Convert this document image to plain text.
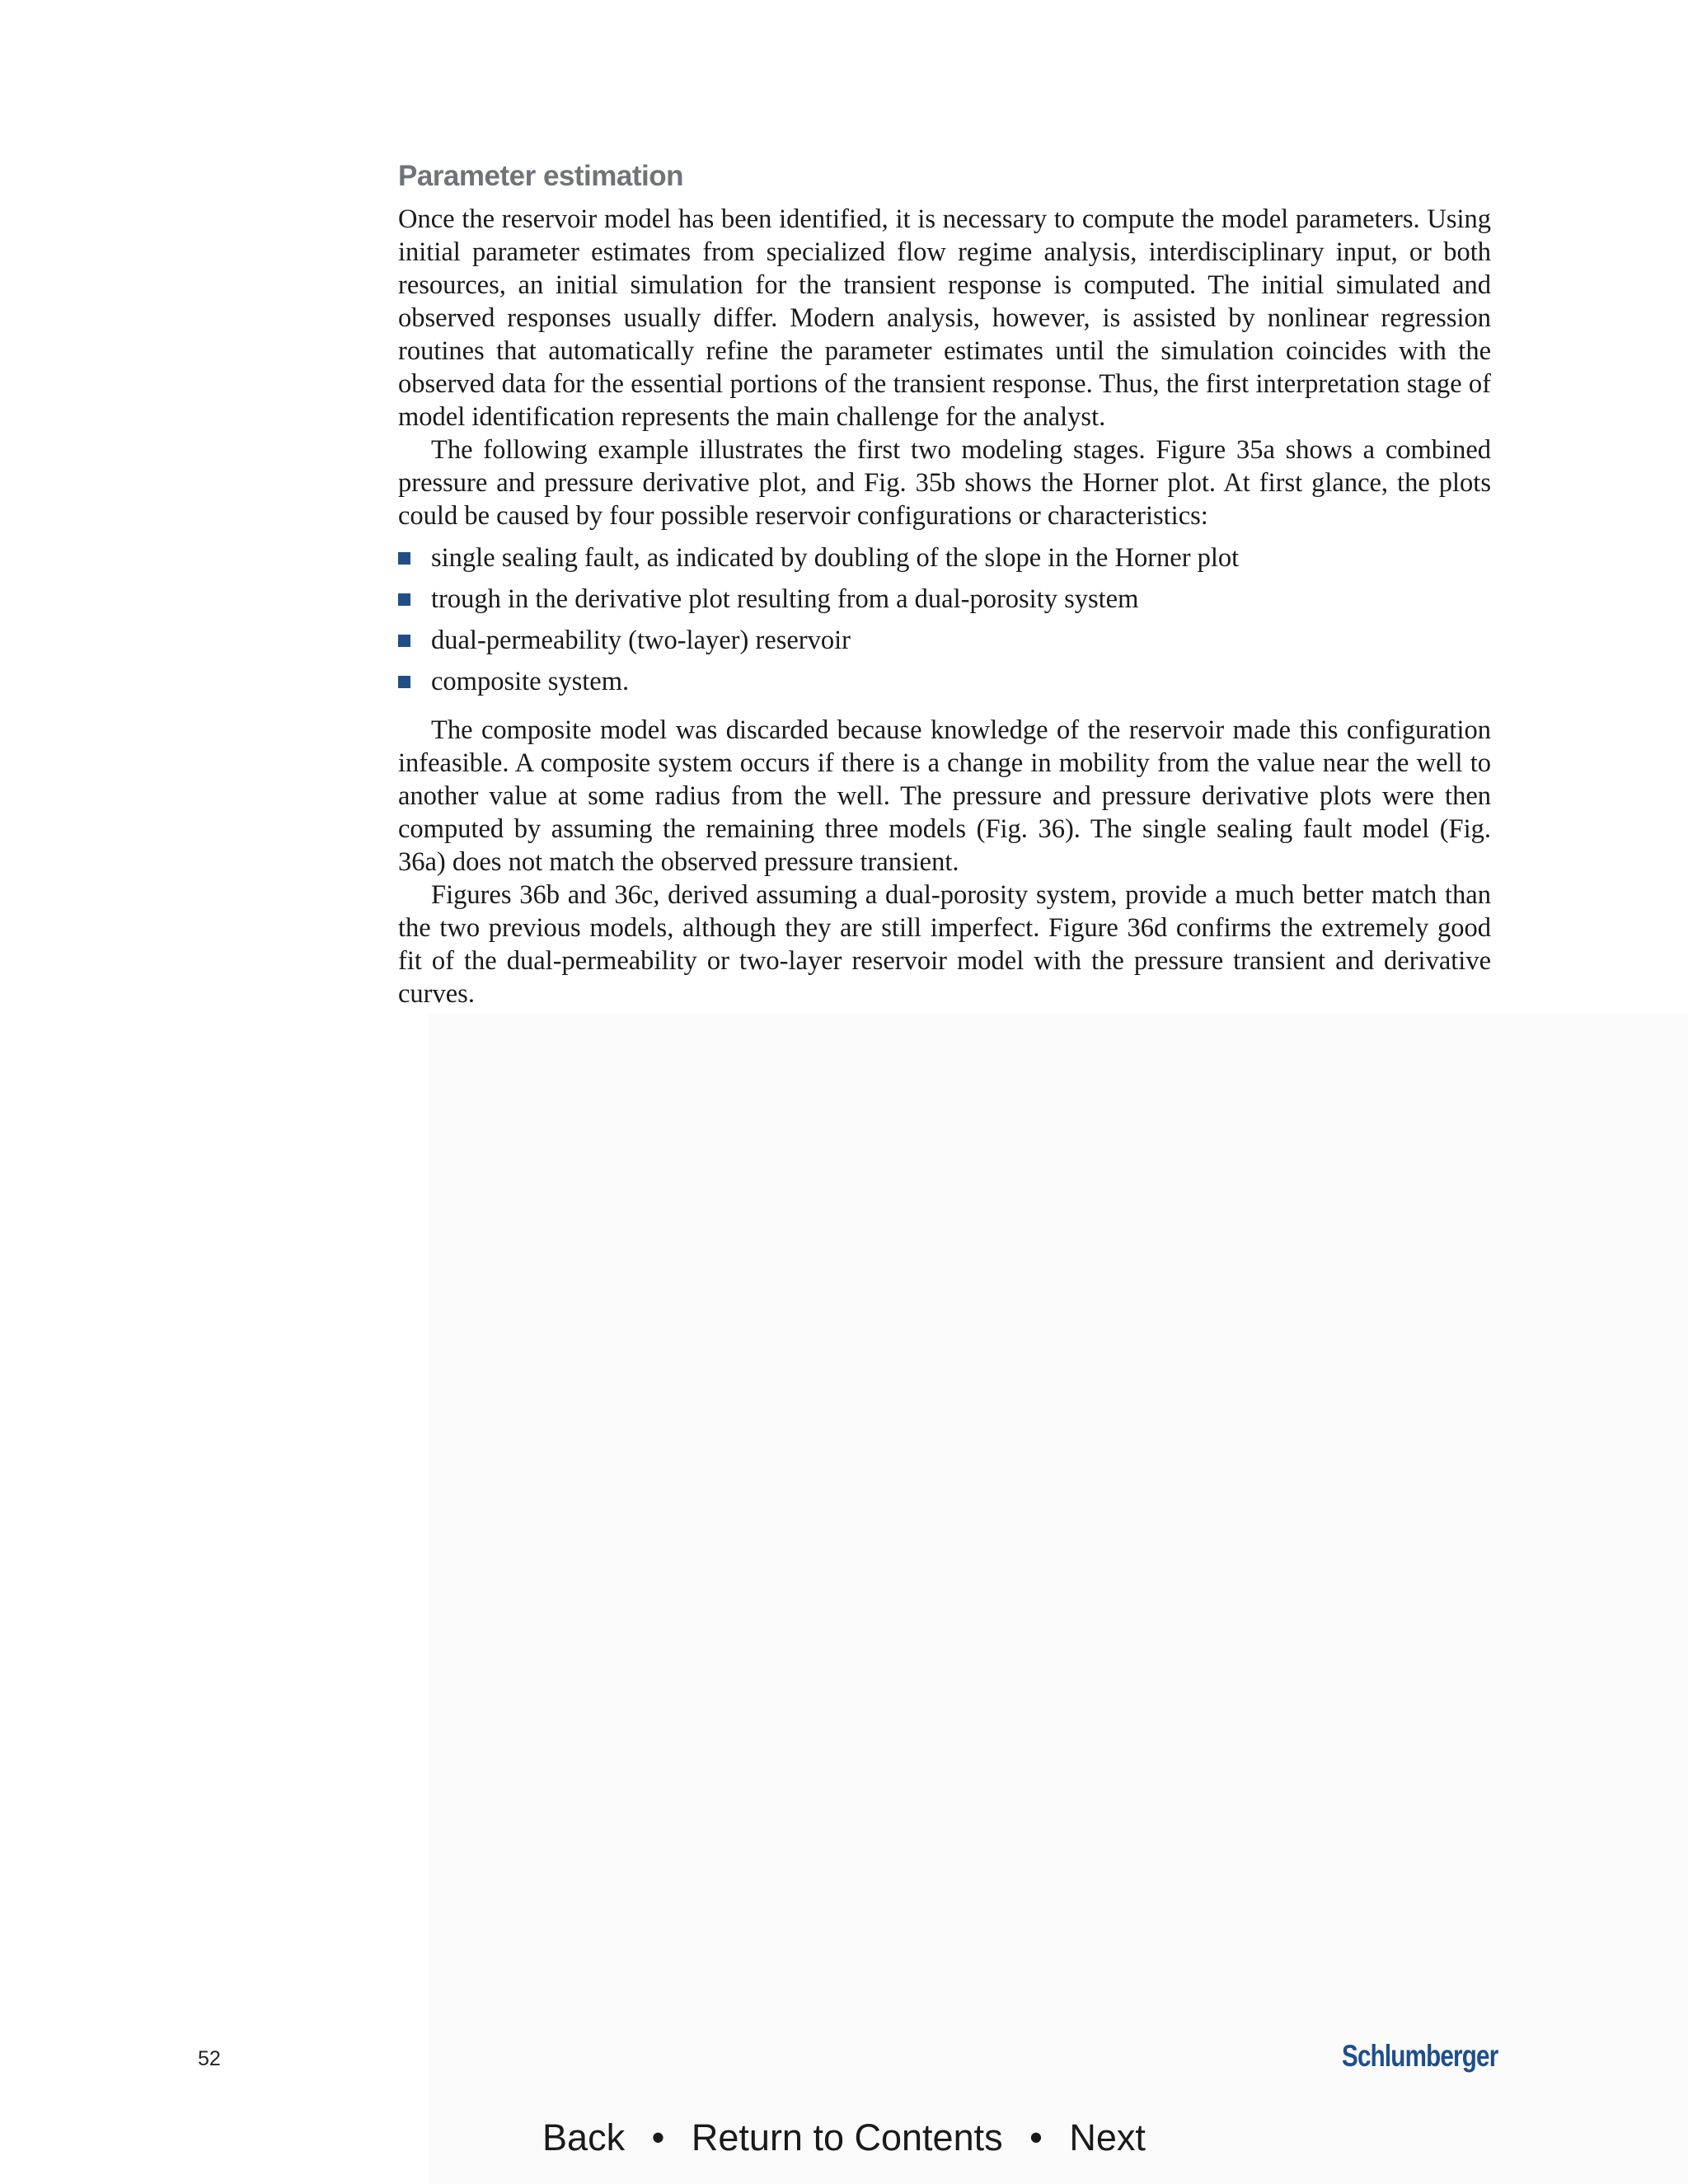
Parameter estimation

Once the reservoir model has been identified, it is necessary to compute the model parameters. Using initial parameter estimates from specialized flow regime analysis, interdisciplinary input, or both resources, an initial simulation for the transient response is computed. The initial simulated and observed responses usually differ. Modern analysis, however, is assisted by nonlinear regression routines that automatically refine the parameter estimates until the simulation coincides with the observed data for the essential portions of the transient response. Thus, the first interpretation stage of model identification represents the main challenge for the analyst.

The following example illustrates the first two modeling stages. Figure 35a shows a combined pressure and pressure derivative plot, and Fig. 35b shows the Horner plot. At first glance, the plots could be caused by four possible reservoir configurations or characteristics:

single sealing fault, as indicated by doubling of the slope in the Horner plot
trough in the derivative plot resulting from a dual-porosity system
dual-permeability (two-layer) reservoir
composite system.

The composite model was discarded because knowledge of the reservoir made this configuration infeasible. A composite system occurs if there is a change in mobility from the value near the well to another value at some radius from the well. The pressure and pressure derivative plots were then computed by assuming the remaining three models (Fig. 36). The single sealing fault model (Fig. 36a) does not match the observed pressure transient.

Figures 36b and 36c, derived assuming a dual-porosity system, provide a much better match than the two previous models, although they are still imperfect. Figure 36d confirms the extremely good fit of the dual-permeability or two-layer reservoir model with the pressure transient and derivative curves.

52	Schlumberger
Back • Return to Contents • Next
